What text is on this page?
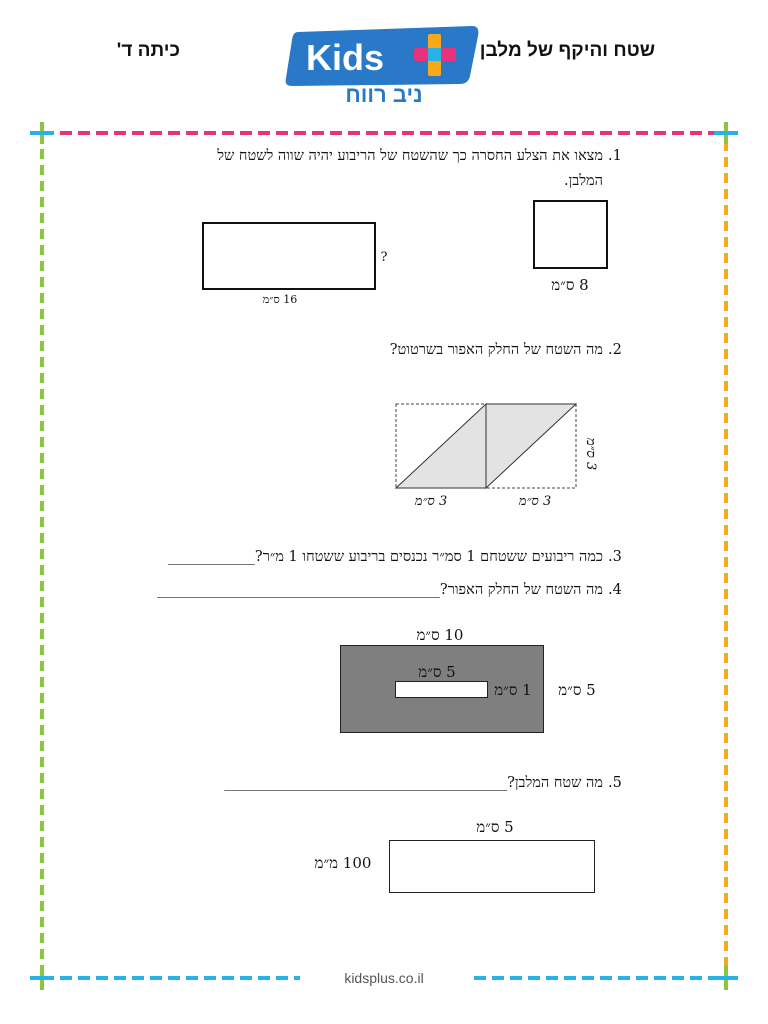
שטח והיקף של מלבן
כיתה ד'	Kids
ניב רווח
.1
מצאו את הצלע החסרה כך שהשטח של הריבוע יהיה שווה לשטח של
המלבן.
8 ס״מ
?
16 ס״מ
.2
מה השטח של החלק האפור בשרטוט?
3 ס״מ	3 ס״מ
3 ס״מ
.3
כמה ריבועים ששטחם 1 סמ״ר נכנסים בריבוע ששטחו 1 מ״ר?____________
.4
מה השטח של החלק האפור?_______________________________________
10 ס״מ
5 ס״מ
1 ס״מ	5 ס״מ
.5
מה שטח המלבן?_______________________________________
5 ס״מ
100 מ״מ
kidsplus.co.il
